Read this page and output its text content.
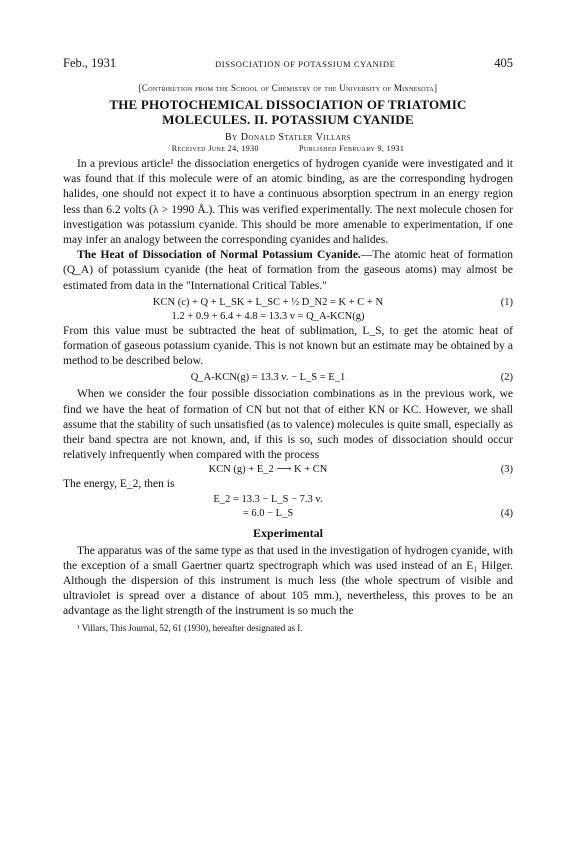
Feb., 1931	DISSOCIATION OF POTASSIUM CYANIDE	405
[Contribution from the School of Chemistry of the University of Minnesota]
THE PHOTOCHEMICAL DISSOCIATION OF TRIATOMIC
MOLECULES. II. POTASSIUM CYANIDE
By Donald Statler Villars
Received June 24, 1930	Published February 9, 1931

In a previous article¹ the dissociation energetics of hydrogen cyanide were investigated and it was found that if this molecule were of an atomic binding, as are the corresponding hydrogen halides, one should not expect it to have a continuous absorption spectrum in an energy region less than 6.2 volts (λ > 1990 Å.). This was verified experimentally. The next molecule chosen for investigation was potassium cyanide. This should be more amenable to experimentation, if one may infer an analogy between the corresponding cyanides and halides.

The Heat of Dissociation of Normal Potassium Cyanide.—The atomic heat of formation (Q_A) of potassium cyanide (the heat of formation from the gaseous atoms) may almost be estimated from data in the "International Critical Tables."

KCN (c) + Q + L_SK + L_SC + ½ D_N2 = K + C + N	(1)
1.2 + 0.9 + 6.4 + 4.8 = 13.3 v = Q_A-KCN(g)

From this value must be subtracted the heat of sublimation, L_S, to get the atomic heat of formation of gaseous potassium cyanide. This is not known but an estimate may be obtained by a method to be described below.

Q_A-KCN(g) = 13.3 v. − L_S = E_1	(2)

When we consider the four possible dissociation combinations as in the previous work, we find we have the heat of formation of CN but not that of either KN or KC. However, we shall assume that the stability of such unsatisfied (as to valence) molecules is quite small, especially as their band spectra are not known, and, if this is so, such modes of dissociation should occur relatively infrequently when compared with the process

KCN (g) + E_2 ⟶ K + CN	(3)

The energy, E_2, then is

E_2 = 13.3 − L_S − 7.3 v.
= 6.0 − L_S	(4)
Experimental

The apparatus was of the same type as that used in the investigation of hydrogen cyanide, with the exception of a small Gaertner quartz spectrograph which was used instead of an E₁ Hilger. Although the dispersion of this instrument is much less (the whole spectrum of visible and ultraviolet is spread over a distance of about 105 mm.), nevertheless, this proves to be an advantage as the light strength of the instrument is so much the

¹ Villars, This Journal, 52, 61 (1930), hereafter designated as I.
